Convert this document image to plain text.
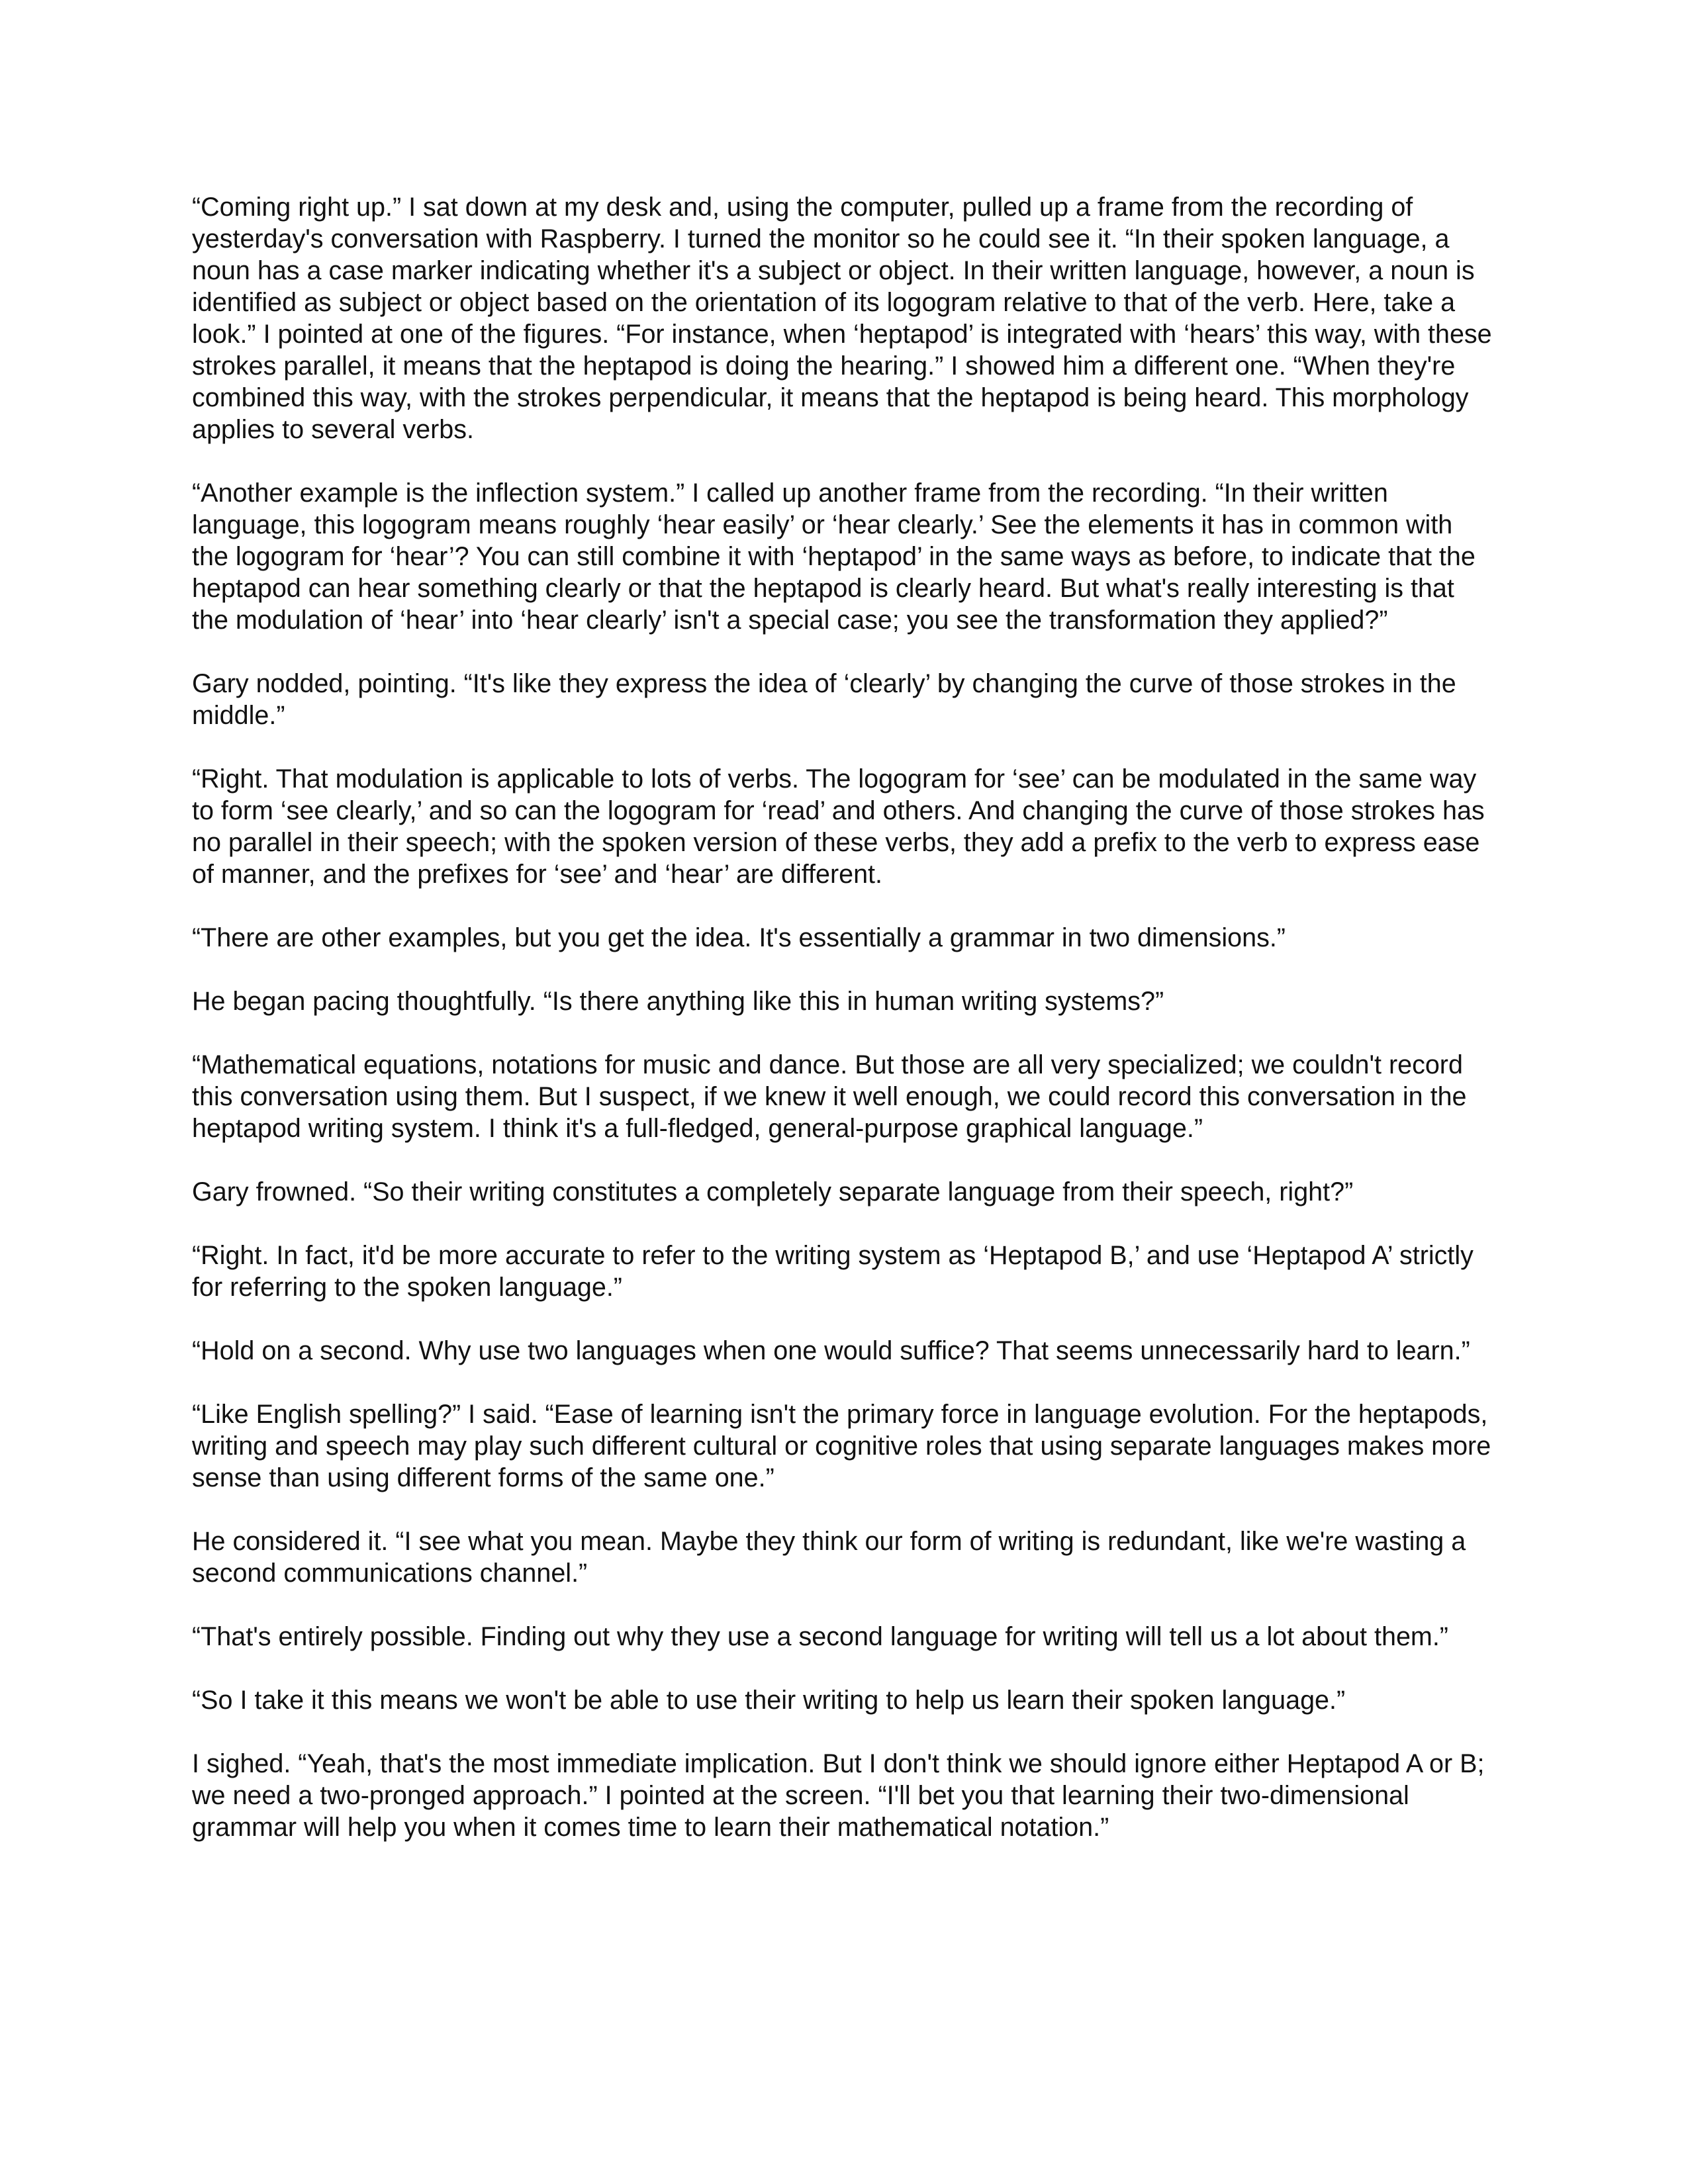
“Coming right up.” I sat down at my desk and, using the computer, pulled up a frame from the recording of yesterday's conversation with Raspberry. I turned the monitor so he could see it. “In their spoken language, a noun has a case marker indicating whether it's a subject or object. In their written language, however, a noun is identified as subject or object based on the orientation of its logogram relative to that of the verb. Here, take a look.” I pointed at one of the figures. “For instance, when ‘heptapod’ is integrated with ‘hears’ this way, with these strokes parallel, it means that the heptapod is doing the hearing.” I showed him a different one. “When they're combined this way, with the strokes perpendicular, it means that the heptapod is being heard. This morphology applies to several verbs.

“Another example is the inflection system.” I called up another frame from the recording. “In their written language, this logogram means roughly ‘hear easily’ or ‘hear clearly.’ See the elements it has in common with the logogram for ‘hear’? You can still combine it with ‘heptapod’ in the same ways as before, to indicate that the heptapod can hear something clearly or that the heptapod is clearly heard. But what's really interesting is that the modulation of ‘hear’ into ‘hear clearly’ isn't a special case; you see the transformation they applied?”

Gary nodded, pointing. “It's like they express the idea of ‘clearly’ by changing the curve of those strokes in the middle.”

“Right. That modulation is applicable to lots of verbs. The logogram for ‘see’ can be modulated in the same way to form ‘see clearly,’ and so can the logogram for ‘read’ and others. And changing the curve of those strokes has no parallel in their speech; with the spoken version of these verbs, they add a prefix to the verb to express ease of manner, and the prefixes for ‘see’ and ‘hear’ are different.

“There are other examples, but you get the idea. It's essentially a grammar in two dimensions.”

He began pacing thoughtfully. “Is there anything like this in human writing systems?”

“Mathematical equations, notations for music and dance. But those are all very specialized; we couldn't record this conversation using them. But I suspect, if we knew it well enough, we could record this conversation in the heptapod writing system. I think it's a full-fledged, general-purpose graphical language.”

Gary frowned. “So their writing constitutes a completely separate language from their speech, right?”

“Right. In fact, it'd be more accurate to refer to the writing system as ‘Heptapod B,’ and use ‘Heptapod A’ strictly for referring to the spoken language.”

“Hold on a second. Why use two languages when one would suffice? That seems unnecessarily hard to learn.”

“Like English spelling?” I said. “Ease of learning isn't the primary force in language evolution. For the heptapods, writing and speech may play such different cultural or cognitive roles that using separate languages makes more sense than using different forms of the same one.”

He considered it. “I see what you mean. Maybe they think our form of writing is redundant, like we're wasting a second communications channel.”

“That's entirely possible. Finding out why they use a second language for writing will tell us a lot about them.”

“So I take it this means we won't be able to use their writing to help us learn their spoken language.”

I sighed. “Yeah, that's the most immediate implication. But I don't think we should ignore either Heptapod A or B; we need a two-pronged approach.” I pointed at the screen. “I'll bet you that learning their two-dimensional grammar will help you when it comes time to learn their mathematical notation.”
